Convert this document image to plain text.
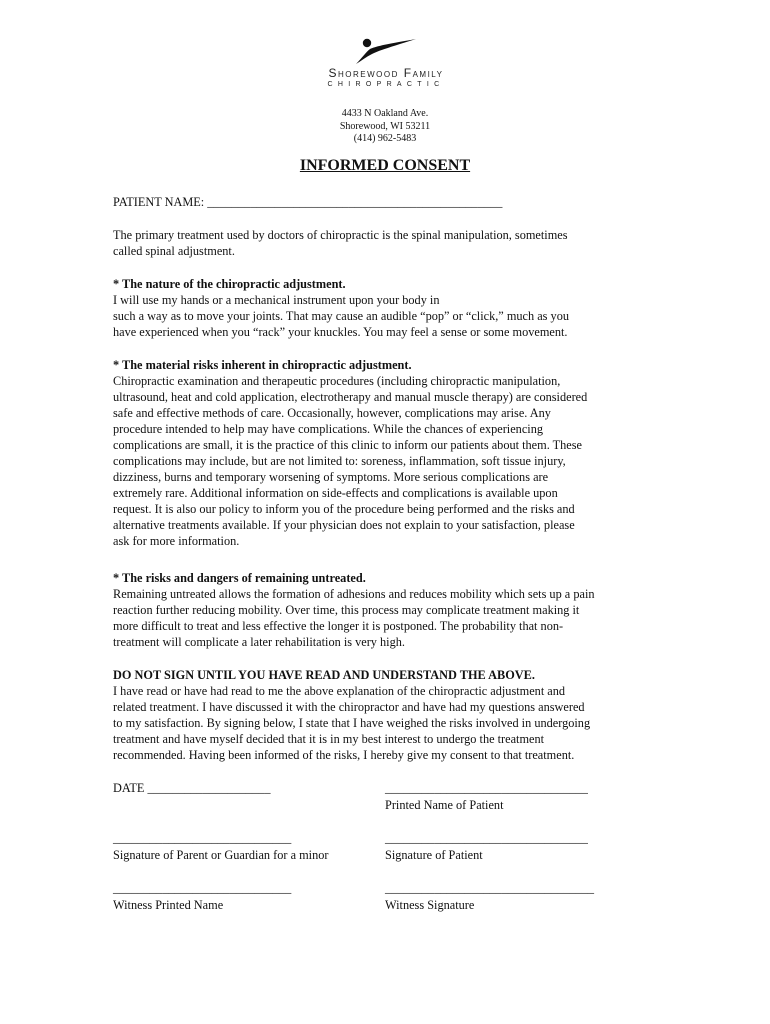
Shorewood Family
CHIROPRACTIC
4433 N Oakland Ave.
Shorewood, WI 53211
(414) 962-5483
INFORMED CONSENT
PATIENT NAME: ________________________________________________
The primary treatment used by doctors of chiropractic is the spinal manipulation, sometimes
called spinal adjustment.
* The nature of the chiropractic adjustment.
I will use my hands or a mechanical instrument upon your body in
such a way as to move your joints. That may cause an audible “pop” or “click,” much as you
have experienced when you “rack” your knuckles. You may feel a sense or some movement.
* The material risks inherent in chiropractic adjustment.
Chiropractic examination and therapeutic procedures (including chiropractic manipulation,
ultrasound, heat and cold application, electrotherapy and manual muscle therapy) are considered
safe and effective methods of care. Occasionally, however, complications may arise. Any
procedure intended to help may have complications. While the chances of experiencing
complications are small, it is the practice of this clinic to inform our patients about them. These
complications may include, but are not limited to: soreness, inflammation, soft tissue injury,
dizziness, burns and temporary worsening of symptoms. More serious complications are
extremely rare. Additional information on side-effects and complications is available upon
request. It is also our policy to inform you of the procedure being performed and the risks and
alternative treatments available. If your physician does not explain to your satisfaction, please
ask for more information.
* The risks and dangers of remaining untreated.
Remaining untreated allows the formation of adhesions and reduces mobility which sets up a pain
reaction further reducing mobility. Over time, this process may complicate treatment making it
more difficult to treat and less effective the longer it is postponed. The probability that non-
treatment will complicate a later rehabilitation is very high.
DO NOT SIGN UNTIL YOU HAVE READ AND UNDERSTAND THE ABOVE.
I have read or have had read to me the above explanation of the chiropractic adjustment and
related treatment. I have discussed it with the chiropractor and have had my questions answered
to my satisfaction. By signing below, I state that I have weighed the risks involved in undergoing
treatment and have myself decided that it is in my best interest to undergo the treatment
recommended. Having been informed of the risks, I hereby give my consent to that treatment.
DATE ____________________	_________________________________
Printed Name of Patient
_____________________________	_________________________________
Signature of Parent or Guardian for a minor	Signature of Patient
_____________________________	__________________________________
Witness Printed Name	Witness Signature
